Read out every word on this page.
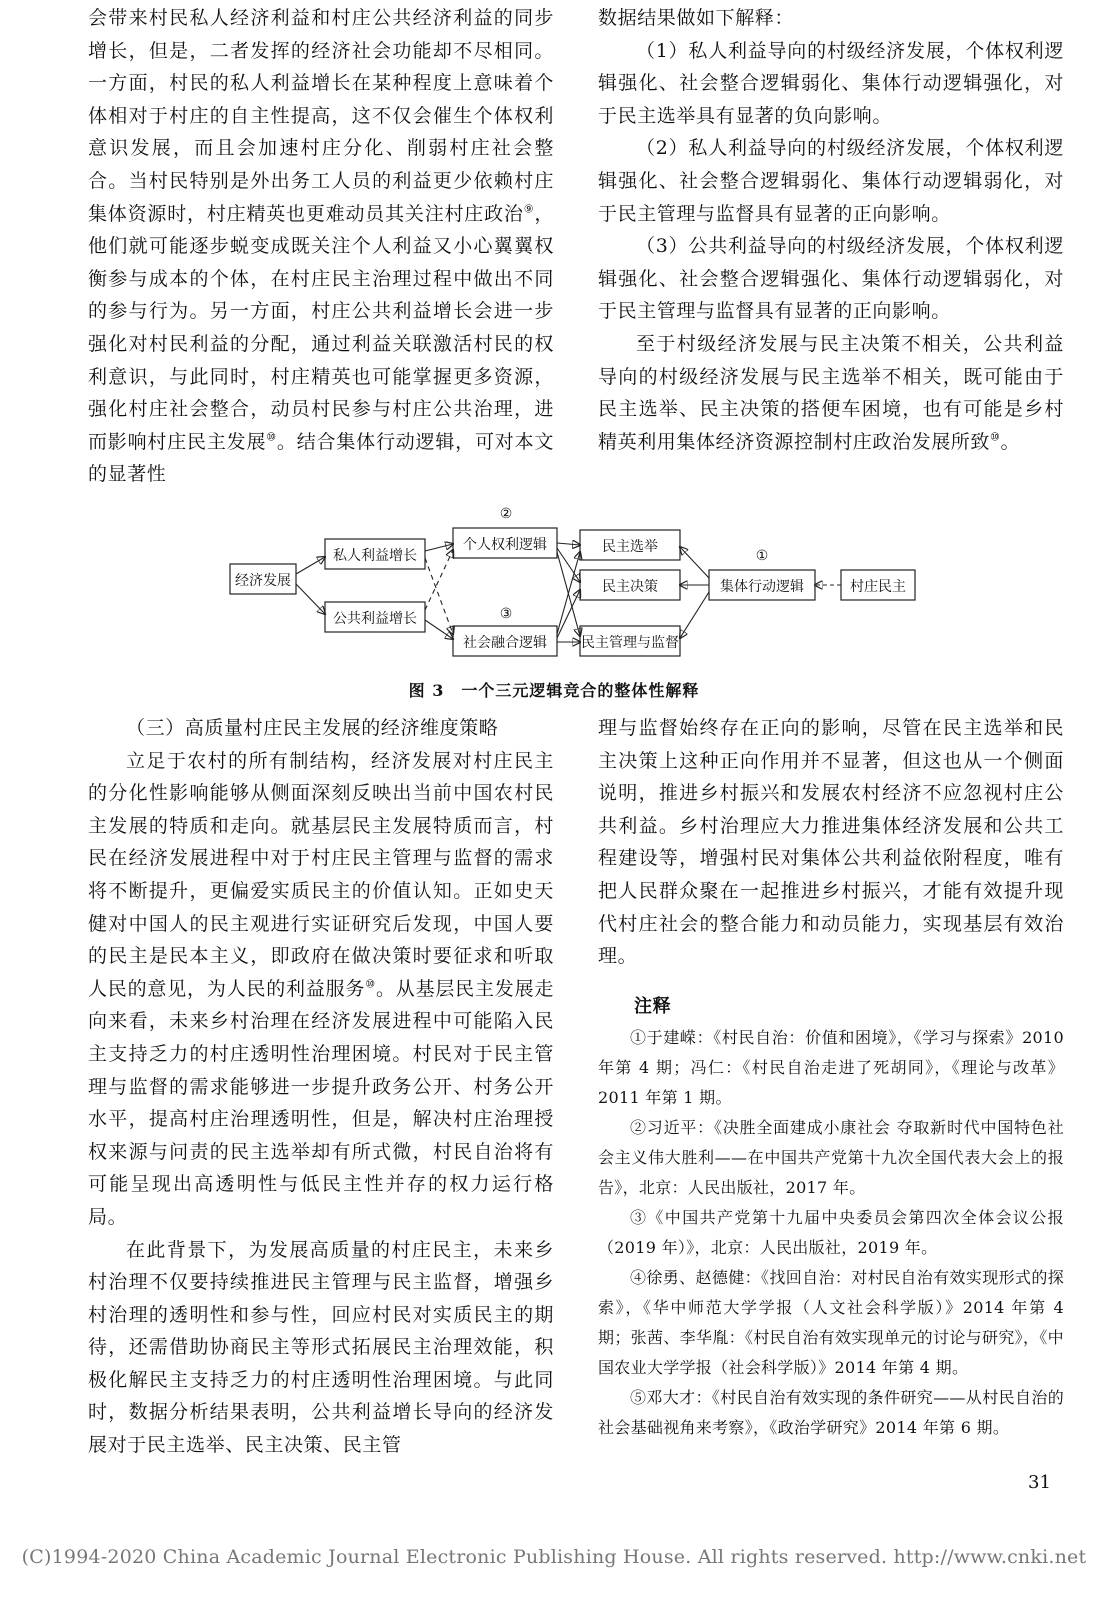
会带来村民私人经济利益和村庄公共经济利益的同步增长，但是，二者发挥的经济社会功能却不尽相同。一方面，村民的私人利益增长在某种程度上意味着个体相对于村庄的自主性提高，这不仅会催生个体权利意识发展，而且会加速村庄分化、削弱村庄社会整合。当村民特别是外出务工人员的利益更少依赖村庄集体资源时，村庄精英也更难动员其关注村庄政治⑨，他们就可能逐步蜕变成既关注个人利益又小心翼翼权衡参与成本的个体，在村庄民主治理过程中做出不同的参与行为。另一方面，村庄公共利益增长会进一步强化对村民利益的分配，通过利益关联激活村民的权利意识，与此同时，村庄精英也可能掌握更多资源，强化村庄社会整合，动员村民参与村庄公共治理，进而影响村庄民主发展⑩。结合集体行动逻辑，可对本文的显著性

数据结果做如下解释：

（1）私人利益导向的村级经济发展，个体权利逻辑强化、社会整合逻辑弱化、集体行动逻辑强化，对于民主选举具有显著的负向影响。

（2）私人利益导向的村级经济发展，个体权利逻辑强化、社会整合逻辑弱化、集体行动逻辑弱化，对于民主管理与监督具有显著的正向影响。

（3）公共利益导向的村级经济发展，个体权利逻辑强化、社会整合逻辑强化、集体行动逻辑弱化，对于民主管理与监督具有显著的正向影响。

至于村级经济发展与民主决策不相关，公共利益导向的村级经济发展与民主选举不相关，既可能由于民主选举、民主决策的搭便车困境，也有可能是乡村精英利用集体经济资源控制村庄政治发展所致⑩。

②
③
①
经济发展
私人利益增长
公共利益增长
个人权利逻辑
社会融合逻辑
民主选举
民主决策
民主管理与监督
集体行动逻辑	村庄民主
图 3　一个三元逻辑竞合的整体性解释

（三）高质量村庄民主发展的经济维度策略

立足于农村的所有制结构，经济发展对村庄民主的分化性影响能够从侧面深刻反映出当前中国农村民主发展的特质和走向。就基层民主发展特质而言，村民在经济发展进程中对于村庄民主管理与监督的需求将不断提升，更偏爱实质民主的价值认知。正如史天健对中国人的民主观进行实证研究后发现，中国人要的民主是民本主义，即政府在做决策时要征求和听取人民的意见，为人民的利益服务⑩。从基层民主发展走向来看，未来乡村治理在经济发展进程中可能陷入民主支持乏力的村庄透明性治理困境。村民对于民主管理与监督的需求能够进一步提升政务公开、村务公开水平，提高村庄治理透明性，但是，解决村庄治理授权来源与问责的民主选举却有所式微，村民自治将有可能呈现出高透明性与低民主性并存的权力运行格局。

在此背景下，为发展高质量的村庄民主，未来乡村治理不仅要持续推进民主管理与民主监督，增强乡村治理的透明性和参与性，回应村民对实质民主的期待，还需借助协商民主等形式拓展民主治理效能，积极化解民主支持乏力的村庄透明性治理困境。与此同时，数据分析结果表明，公共利益增长导向的经济发展对于民主选举、民主决策、民主管

理与监督始终存在正向的影响，尽管在民主选举和民主决策上这种正向作用并不显著，但这也从一个侧面说明，推进乡村振兴和发展农村经济不应忽视村庄公共利益。乡村治理应大力推进集体经济发展和公共工程建设等，增强村民对集体公共利益依附程度，唯有把人民群众聚在一起推进乡村振兴，才能有效提升现代村庄社会的整合能力和动员能力，实现基层有效治理。

注释

①于建嵘：《村民自治：价值和困境》，《学习与探索》2010 年第 4 期；冯仁：《村民自治走进了死胡同》，《理论与改革》2011 年第 1 期。

②习近平：《决胜全面建成小康社会 夺取新时代中国特色社会主义伟大胜利——在中国共产党第十九次全国代表大会上的报告》，北京：人民出版社，2017 年。

③《中国共产党第十九届中央委员会第四次全体会议公报（2019 年）》，北京：人民出版社，2019 年。

④徐勇、赵德健：《找回自治：对村民自治有效实现形式的探索》，《华中师范大学学报（人文社会科学版）》2014 年第 4 期；张茜、李华胤：《村民自治有效实现单元的讨论与研究》，《中国农业大学学报（社会科学版）》2014 年第 4 期。

⑤邓大才：《村民自治有效实现的条件研究——从村民自治的社会基础视角来考察》，《政治学研究》2014 年第 6 期。

31
(C)1994-2020 China Academic Journal Electronic Publishing House. All rights reserved. http://www.cnki.net
